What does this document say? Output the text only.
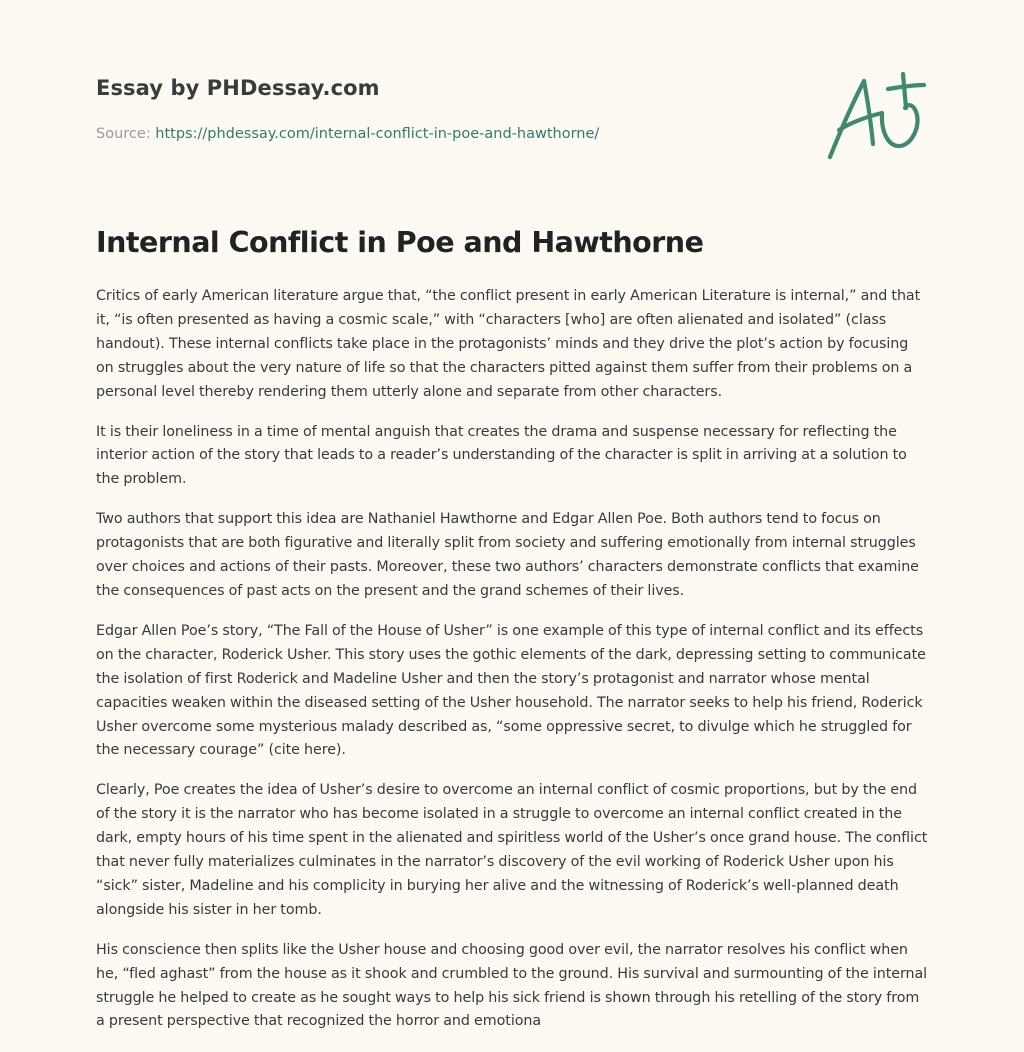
Essay by PHDessay.com
Source: https://phdessay.com/internal-conflict-in-poe-and-hawthorne/
Internal Conflict in Poe and Hawthorne

Critics of early American literature argue that, “the conflict present in early American Literature is internal,” and that it, “is often presented as having a cosmic scale,” with “characters [who] are often alienated and isolated” (class handout). These internal conflicts take place in the protagonists’ minds and they drive the plot’s action by focusing on struggles about the very nature of life so that the characters pitted against them suffer from their problems on a personal level thereby rendering them utterly alone and separate from other characters.

It is their loneliness in a time of mental anguish that creates the drama and suspense necessary for reflecting the interior action of the story that leads to a reader’s understanding of the character is split in arriving at a solution to the problem.

Two authors that support this idea are Nathaniel Hawthorne and Edgar Allen Poe. Both authors tend to focus on protagonists that are both figurative and literally split from society and suffering emotionally from internal struggles over choices and actions of their pasts. Moreover, these two authors’ characters demonstrate conflicts that examine the consequences of past acts on the present and the grand schemes of their lives.

Edgar Allen Poe’s story, “The Fall of the House of Usher” is one example of this type of internal conflict and its effects on the character, Roderick Usher. This story uses the gothic elements of the dark, depressing setting to communicate the isolation of first Roderick and Madeline Usher and then the story’s protagonist and narrator whose mental capacities weaken within the diseased setting of the Usher household. The narrator seeks to help his friend, Roderick Usher overcome some mysterious malady described as, “some oppressive secret, to divulge which he struggled for the necessary courage” (cite here).

Clearly, Poe creates the idea of Usher’s desire to overcome an internal conflict of cosmic proportions, but by the end of the story it is the narrator who has become isolated in a struggle to overcome an internal conflict created in the dark, empty hours of his time spent in the alienated and spiritless world of the Usher’s once grand house. The conflict that never fully materializes culminates in the narrator’s discovery of the evil working of Roderick Usher upon his “sick” sister, Madeline and his complicity in burying her alive and the witnessing of Roderick’s well-planned death alongside his sister in her tomb.

His conscience then splits like the Usher house and choosing good over evil, the narrator resolves his conflict when he, “fled aghast” from the house as it shook and crumbled to the ground. His survival and surmounting of the internal struggle he helped to create as he sought ways to help his sick friend is shown through his retelling of the story from a present perspective that recognized the horror and emotiona
